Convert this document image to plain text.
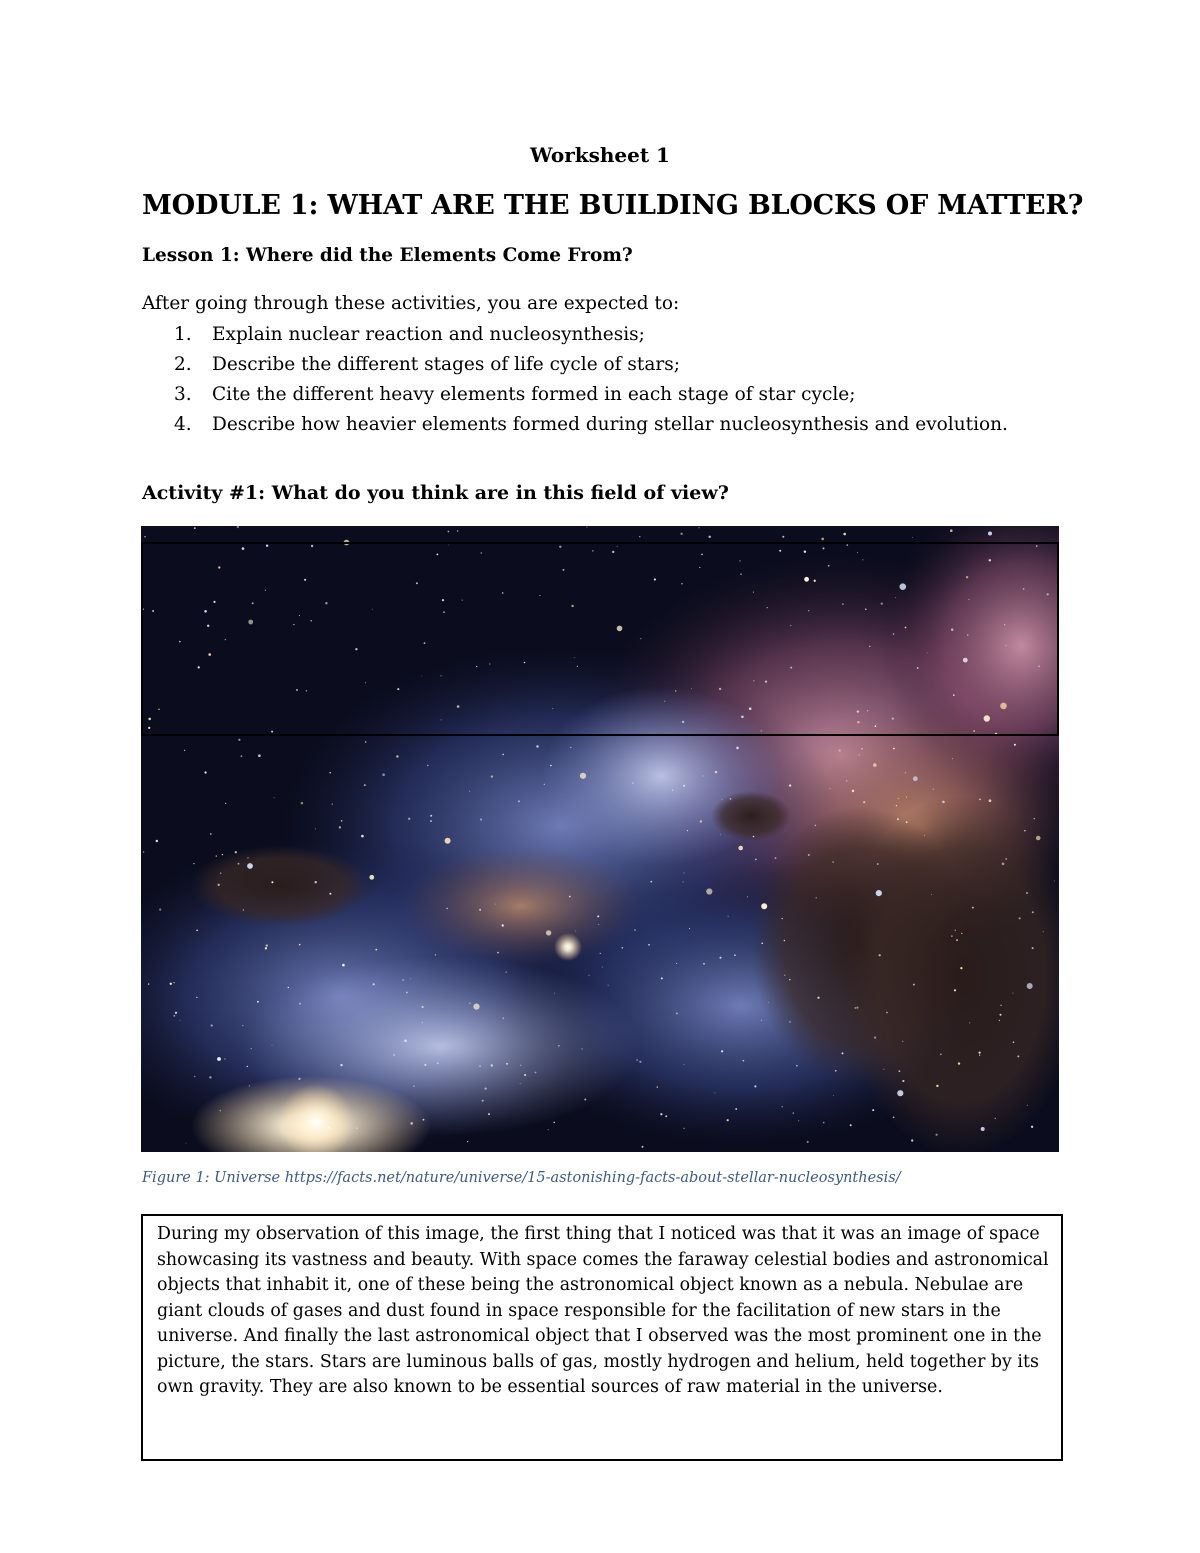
Worksheet 1
MODULE 1: WHAT ARE THE BUILDING BLOCKS OF MATTER?
Lesson 1: Where did the Elements Come From?
After going through these activities, you are expected to:
1. Explain nuclear reaction and nucleosynthesis;
2. Describe the different stages of life cycle of stars;
3. Cite the different heavy elements formed in each stage of star cycle;
4. Describe how heavier elements formed during stellar nucleosynthesis and evolution.
Activity #1: What do you think are in this field of view?
Figure 1: Universe https://facts.net/nature/universe/15-astonishing-facts-about-stellar-nucleosynthesis/

During my observation of this image, the first thing that I noticed was that it was an image of space showcasing its vastness and beauty. With space comes the faraway celestial bodies and astronomical objects that inhabit it, one of these being the astronomical object known as a nebula. Nebulae are giant clouds of gases and dust found in space responsible for the facilitation of new stars in the universe. And finally the last astronomical object that I observed was the most prominent one in the picture, the stars. Stars are luminous balls of gas, mostly hydrogen and helium, held together by its own gravity. They are also known to be essential sources of raw material in the universe.
